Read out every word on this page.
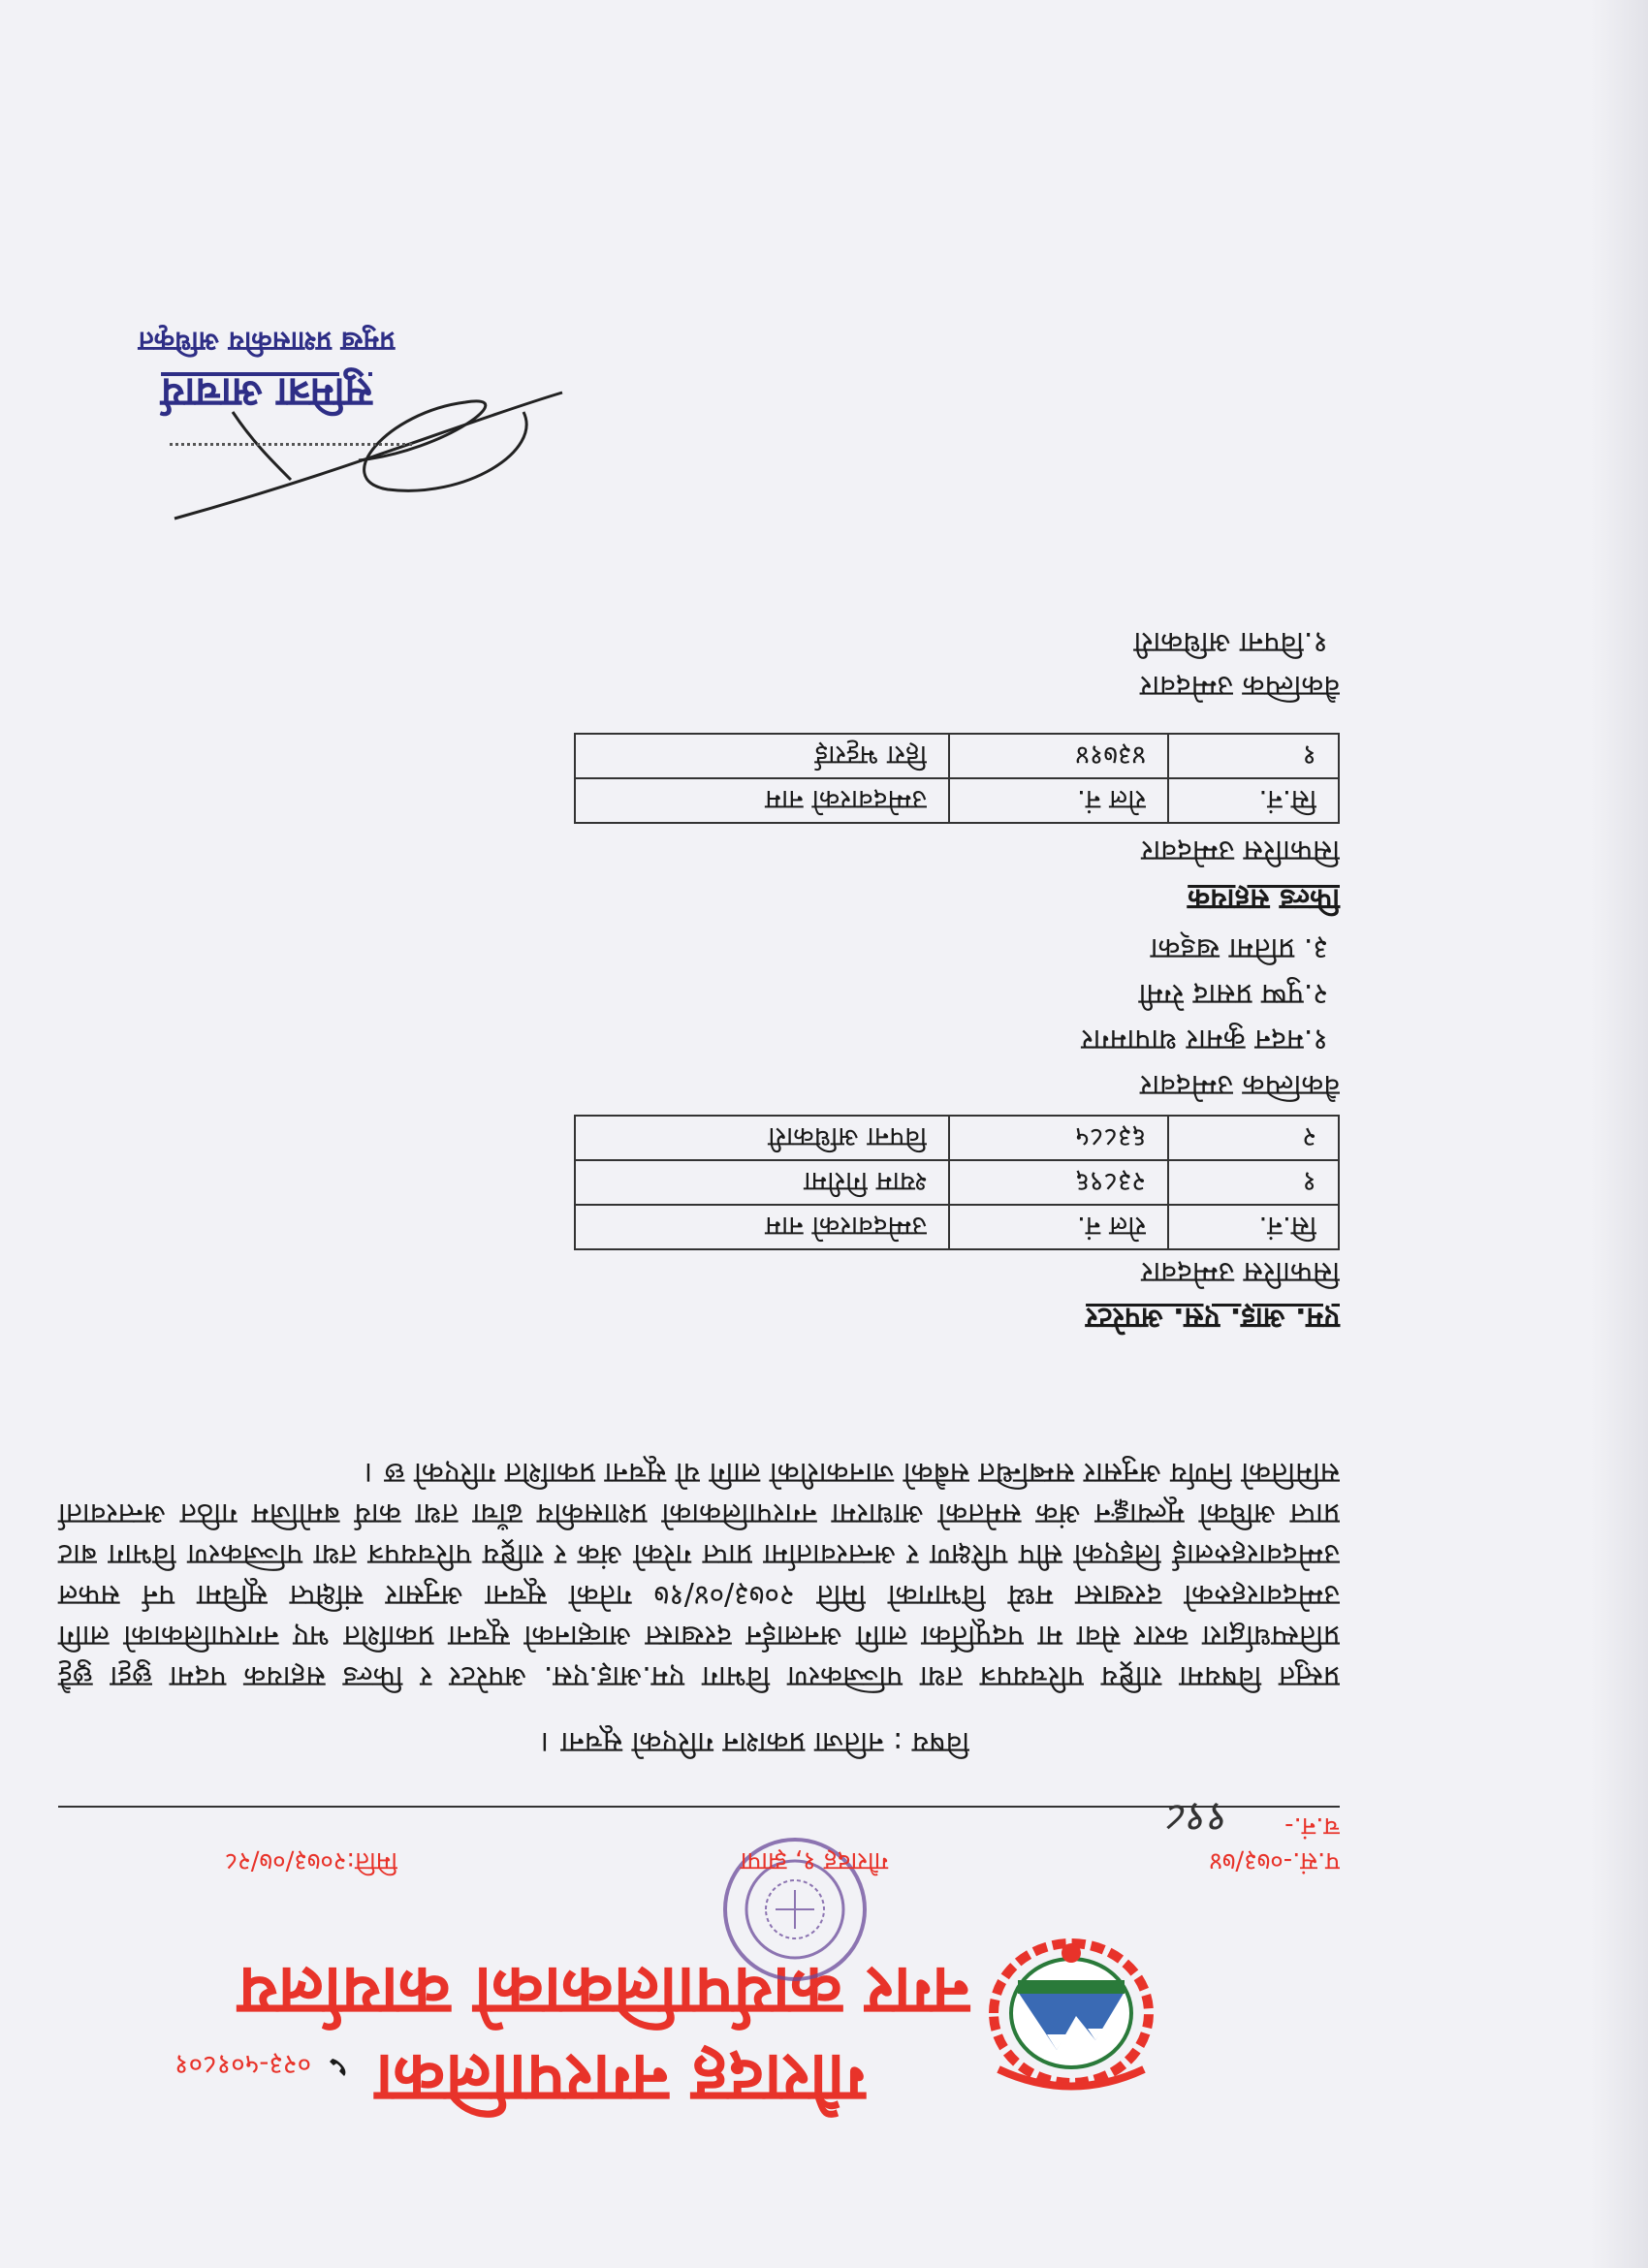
गौरादह नगरपालिका
नगर कार्यपालिकाको कार्यालय
०२३-५०१८०१
प.सं.-०७३/७४
गौरादह १, झापा
मिति:२०७३/०७/२८
च.नं.-
९९८
विषय : नतिजा प्रकाशन गरिएको सूचना ।
प्रस्तुत विषयमा राष्ट्रिय परिचयपत्र तथा पञ्जिकरण विभाग एम.आइ.एस. अपरेटर र फिल्ड सहायक पदमा छुट्टा छुट्टै प्रतिस्पर्धाद्वारा करार सेवा मा पदपूर्तिका लागि अनलाईन दरखास्त आव्हानको सूचना प्रकाशित भए नगरपालिकाको लागि उम्मेदवारहरुको दरखास्त मध्ये विभागको मिति २०७३/०४/१७ गतेको सूचना अनुसार संक्षिप्त सूचिमा पर्न सफल उम्मेदवारहरुलाई लिइएको सीप परिक्षण र अन्तरवार्तामा प्राप्त गरेको अंक र राष्ट्रिय परिचयपत्र तथा पञ्जिकरण विभाग बाट प्राप्त अघिको मूल्याङ्कन अंक समेतको आधारमा नगरपालिकाको प्रशासकीय ढाँचा तथा कार्य बमोजिम गठित अन्तरवार्ता समितिको निर्णय अनुसार सम्बन्धित सबैको जानकारीको लागि यो सूचना प्रकाशित गरिएको छ ।
एम. आइ. एस. अपरेटर
सिफारिस उम्मेदवार
सि.नं.	रोल नं.	उम्मेदवारको नाम
१	२३८९६	श्याम गिरीमा
२	६३८८५	विपना अधिकारी
वैकल्पिक उम्मेदवार
१.मदन कुमार थापामगर
२.पुष्प प्रसाद रेग्मी
३. प्रतिमा खड्का
फिल्ड सहायक
सिफारिस उम्मेदवार
सि.नं.	रोल नं.	उम्मेदवारको नाम
१	४३७१४	हिरा भट्टराई
वैकल्पिक उम्मेदवार
१.विपना अधिकारी
सुमित्रा आचार्य
प्रमुख प्रशासकीय अधिकृत
